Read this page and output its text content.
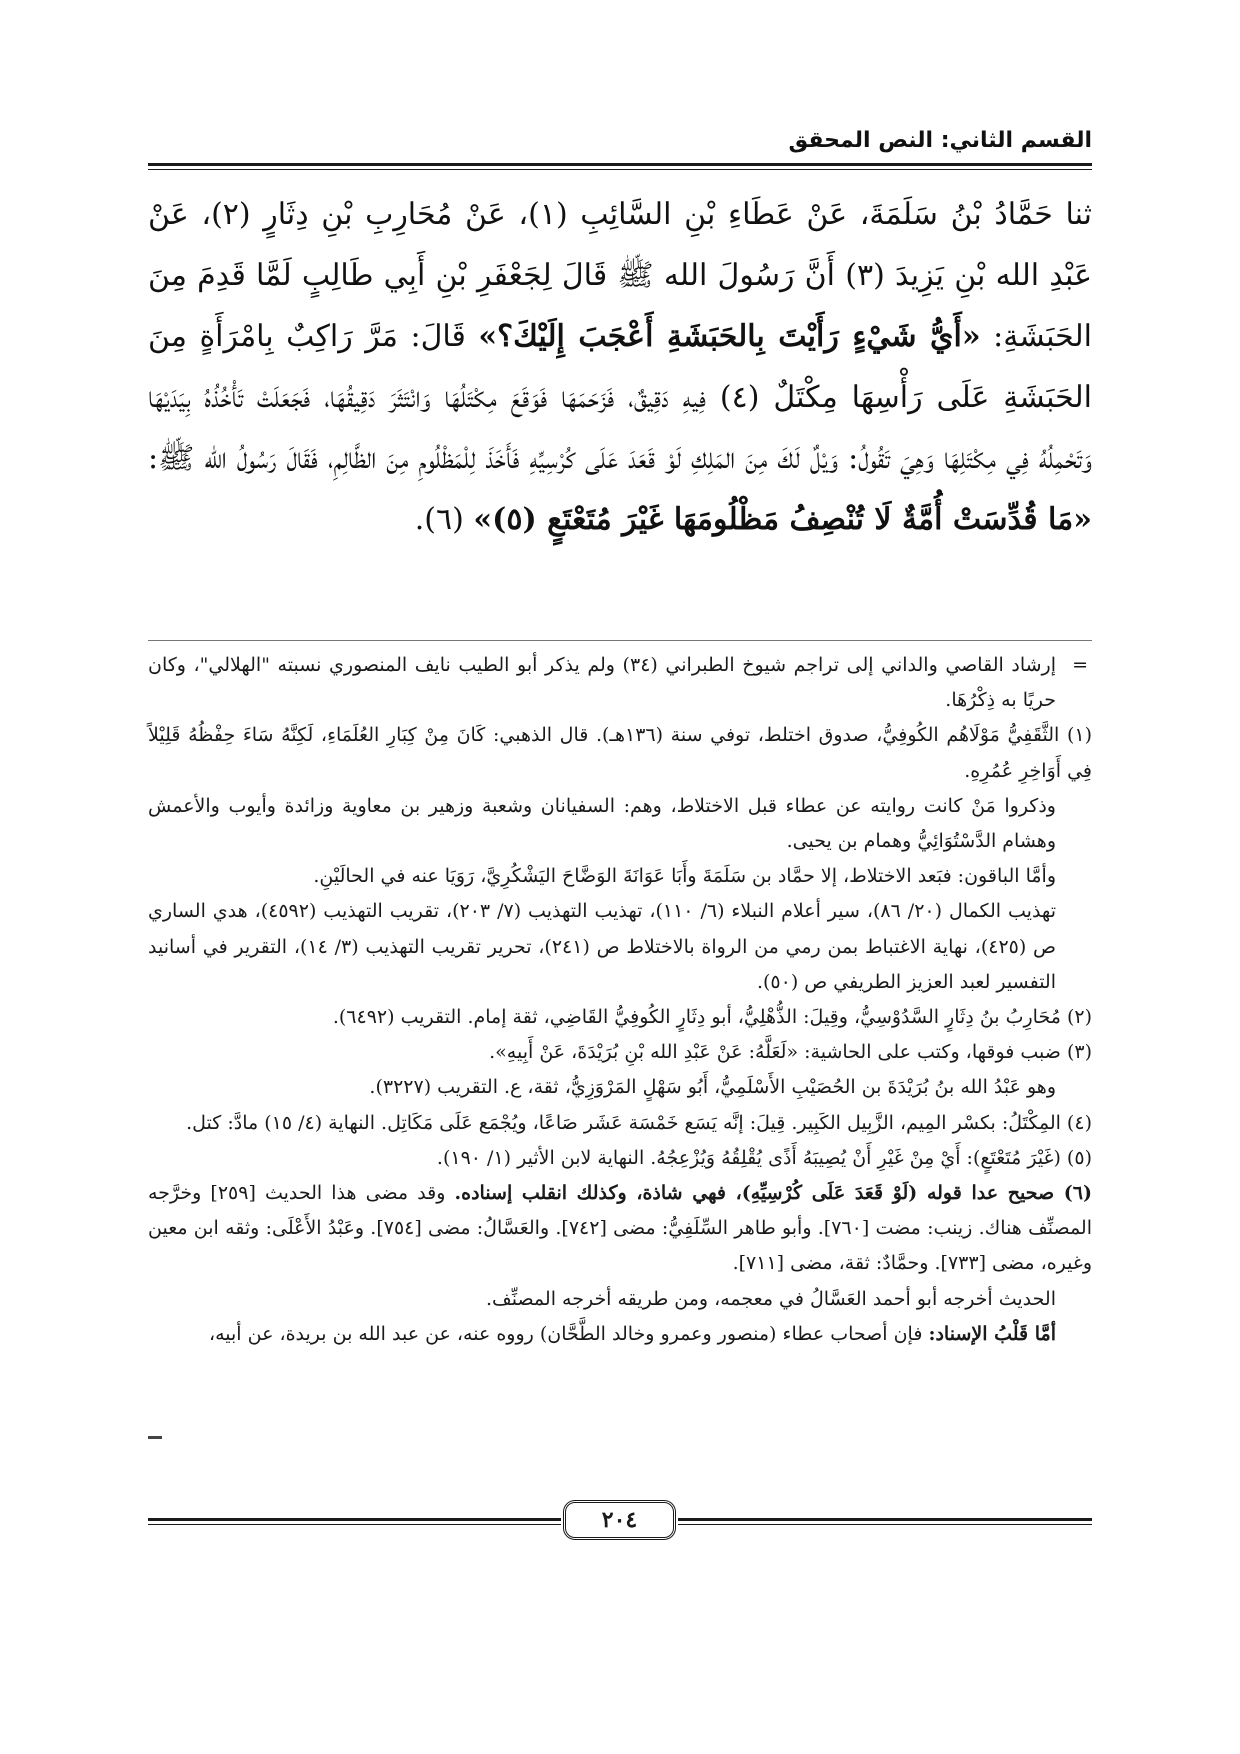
القسم الثاني: النص المحقق

ثنا حَمَّادُ بْنُ سَلَمَةَ، عَنْ عَطَاءِ بْنِ السَّائِبِ (١)، عَنْ مُحَارِبِ بْنِ دِثَارٍ (٢)، عَنْ عَبْدِ الله بْنِ يَزِيدَ (٣) أَنَّ رَسُولَ الله ﷺ قَالَ لِجَعْفَرِ بْنِ أَبِي طَالِبٍ لَمَّا قَدِمَ مِنَ الحَبَشَةِ: «أَيُّ شَيْءٍ رَأَيْتَ بِالحَبَشَةِ أَعْجَبَ إِلَيْكَ؟» قَالَ: مَرَّ رَاكِبٌ بِامْرَأَةٍ مِنَ الحَبَشَةِ عَلَى رَأْسِهَا مِكْتَلٌ (٤) فِيهِ دَقِيقٌ، فَزَحَمَهَا فَوَقَعَ مِكْتَلُهَا وَانْتَثَرَ دَقِيقُهَا، فَجَعَلَتْ تَأْخُذُهُ بِيَدَيْهَا وَتَحْمِلُهُ فِي مِكْتَلِهَا وَهِيَ تَقُولُ: وَيْلٌ لَكَ مِنَ المَلِكِ لَوْ قَعَدَ عَلَى كُرْسِيِّهِ فَأَخَذَ لِلْمَظْلُومِ مِنَ الظَّالِمِ، فَقَالَ رَسُولُ الله ﷺ: «مَا قُدِّسَتْ أُمَّةٌ لَا تُنْصِفُ مَظْلُومَهَا غَيْرَ مُتَعْتَعٍ (٥)» (٦).

=
إرشاد القاصي والداني إلى تراجم شيوخ الطبراني (٣٤) ولم يذكر أبو الطيب نايف المنصوري نسبته "الهلالي"، وكان حريًا به ذِكْرُهَا.

(١) الثَّقَفِيُّ مَوْلَاهُم الكُوفِيُّ، صدوق اختلط، توفي سنة (١٣٦هـ). قال الذهبي: كَانَ مِنْ كِبَارِ العُلَمَاءِ، لَكِنَّهُ سَاءَ حِفْظُهُ قَلِيْلاً فِي أَوَاخِرِ عُمُرِهِ.

وذكروا مَنْ كانت روايته عن عطاء قبل الاختلاط، وهم: السفيانان وشعبة وزهير بن معاوية وزائدة وأيوب والأعمش وهشام الدَّسْتُوَائِيُّ وهمام بن يحيى.

وأمَّا الباقون: فبَعد الاختلاط، إلا حمَّاد بن سَلَمَةَ وأَبَا عَوَانَةَ الوَضَّاحَ اليَشْكُرِيَّ، رَوَيَا عنه في الحالَيْنِ.

تهذيب الكمال (٢٠/ ٨٦)، سير أعلام النبلاء (٦/ ١١٠)، تهذيب التهذيب (٧/ ٢٠٣)، تقريب التهذيب (٤٥٩٢)، هدي الساري ص (٤٢٥)، نهاية الاغتباط بمن رمي من الرواة بالاختلاط ص (٢٤١)، تحرير تقريب التهذيب (٣/ ١٤)، التقرير في أسانيد التفسير لعبد العزيز الطريفي ص (٥٠).

(٢) مُحَارِبُ بنُ دِثَارٍ السَّدُوْسِيُّ، وقِيلَ: الذُّهْلِيُّ، أبو دِثَارٍ الكُوفِيُّ القَاضِي، ثقة إمام. التقريب (٦٤٩٢).

(٣) ضبب فوقها، وكتب على الحاشية: «لَعَلَّهُ: عَنْ عَبْدِ الله بْنِ بُرَيْدَةَ، عَنْ أَبِيهِ».

وهو عَبْدُ الله بنُ بُرَيْدَةَ بن الحُصَيْبِ الأَسْلَمِيُّ، أَبُو سَهْلٍ المَرْوَزِيُّ، ثقة، ع. التقريب (٣٢٢٧).

(٤) المِكْتَلُ: بكسْر المِيم، الزَّبِيل الكَبِير. قِيلَ: إنَّه يَسَع خَمْسَة عَشَر صَاعًا، ويُجْمَع عَلَى مَكَاتِل. النهاية (٤/ ١٥) مادَّ: كتل.

(٥) (غَيْرَ مُتَعْتَعٍ): أَيْ مِنْ غَيْرِ أَنْ يُصِيبَهُ أَذًى يُقْلِقُهُ وَيُزْعِجُهُ. النهاية لابن الأثير (١/ ١٩٠).

(٦) صحيح عدا قوله (لَوْ قَعَدَ عَلَى كُرْسِيِّهِ)، فهي شاذة، وكذلك انقلب إسناده. وقد مضى هذا الحديث [٢٥٩] وخرَّجه المصنِّف هناك. زينب: مضت [٧٦٠]. وأبو طاهر السِّلَفِيُّ: مضى [٧٤٢]. والعَسَّالُ: مضى [٧٥٤]. وعَبْدُ الأَعْلَى: وثقه ابن معين وغيره، مضى [٧٣٣]. وحمَّادٌ: ثقة، مضى [٧١١].

الحديث أخرجه أبو أحمد العَسَّالُ في معجمه، ومن طريقه أخرجه المصنِّف.

أمَّا قَلْبُ الإسناد: فإن أصحاب عطاء (منصور وعمرو وخالد الطَّحَّان) رووه عنه، عن عبد الله بن بريدة، عن أبيه،

٢٠٤
